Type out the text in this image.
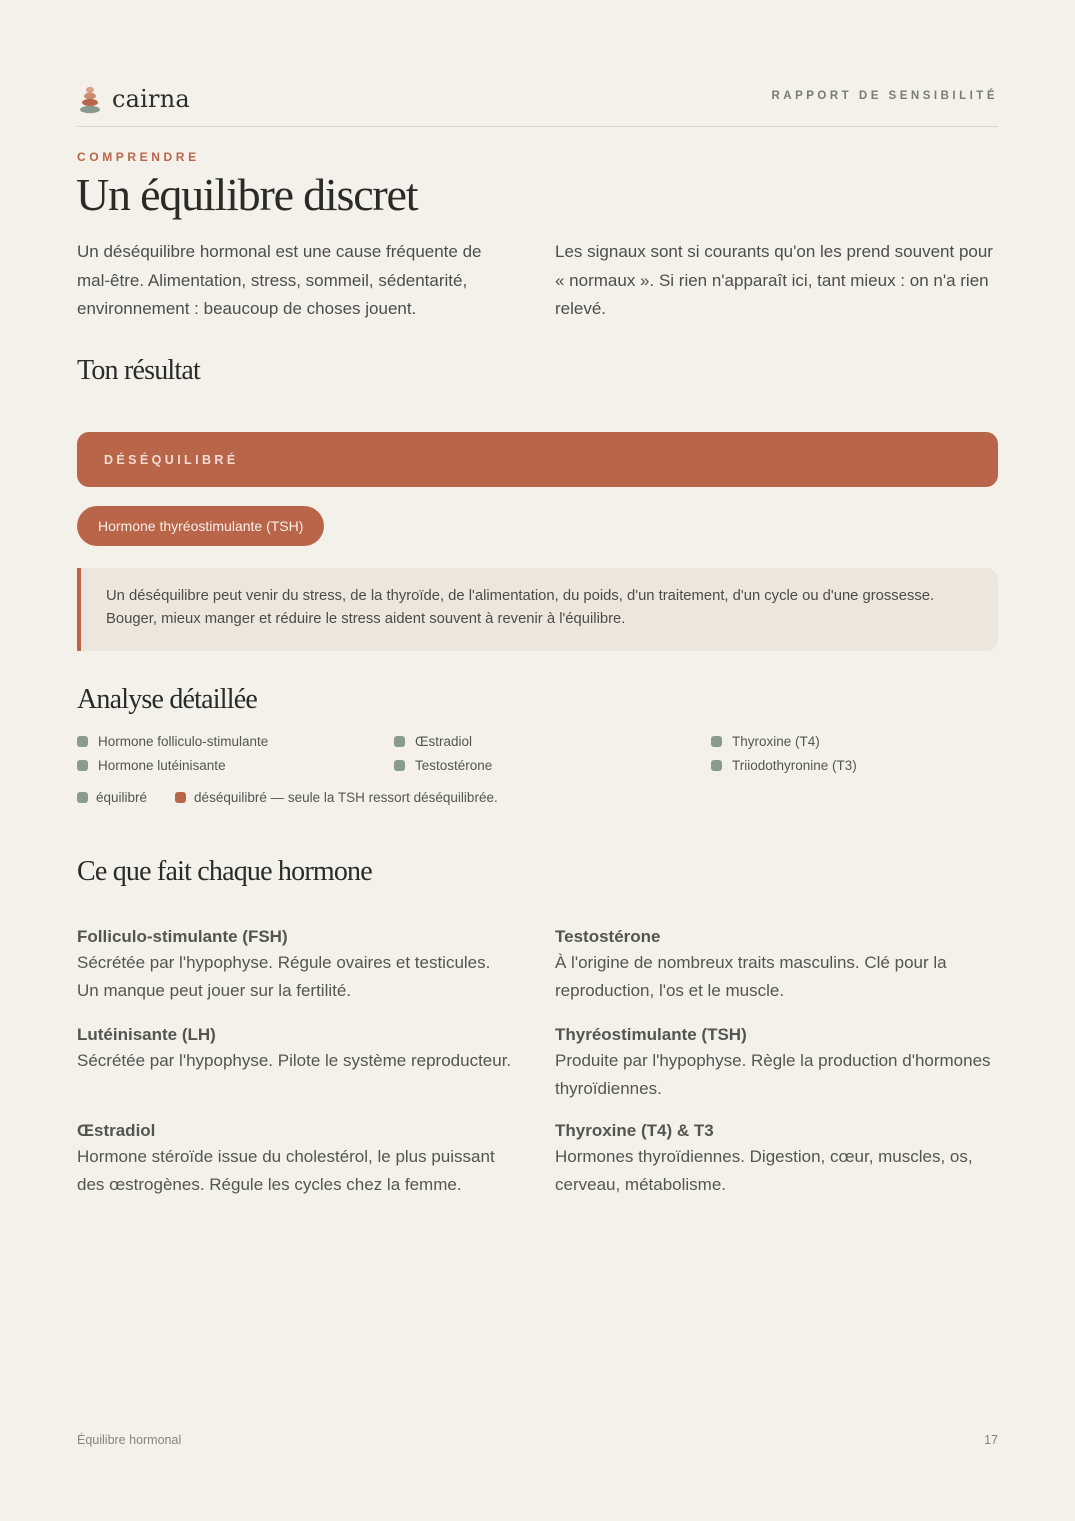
cairna	RAPPORT DE SENSIBILITÉ
COMPRENDRE
Un équilibre discret

Un déséquilibre hormonal est une cause fréquente de mal-être. Alimentation, stress, sommeil, sédentarité, environnement : beaucoup de choses jouent.

Les signaux sont si courants qu'on les prend souvent pour « normaux ». Si rien n'apparaît ici, tant mieux : on n'a rien relevé.

Ton résultat
DÉSÉQUILIBRÉ
Hormone thyréostimulante (TSH)

Un déséquilibre peut venir du stress, de la thyroïde, de l'alimentation, du poids, d'un traitement, d'un cycle ou d'une grossesse. Bouger, mieux manger et réduire le stress aident souvent à revenir à l'équilibre.

Analyse détaillée
Hormone folliculo-stimulante	Œstradiol	Thyroxine (T4)
Hormone lutéinisante	Testostérone	Triiodothyronine (T3)
équilibré	déséquilibré — seule la TSH ressort déséquilibrée.
Ce que fait chaque hormone
Folliculo-stimulante (FSH)
Sécrétée par l'hypophyse. Régule ovaires et testicules. Un manque peut jouer sur la fertilité.
Testostérone
À l'origine de nombreux traits masculins. Clé pour la reproduction, l'os et le muscle.
Lutéinisante (LH)
Sécrétée par l'hypophyse. Pilote le système reproducteur.
Thyréostimulante (TSH)
Produite par l'hypophyse. Règle la production d'hormones thyroïdiennes.
Œstradiol
Hormone stéroïde issue du cholestérol, le plus puissant des œstrogènes. Régule les cycles chez la femme.
Thyroxine (T4) & T3
Hormones thyroïdiennes. Digestion, cœur, muscles, os, cerveau, métabolisme.
Équilibre hormonal	17
